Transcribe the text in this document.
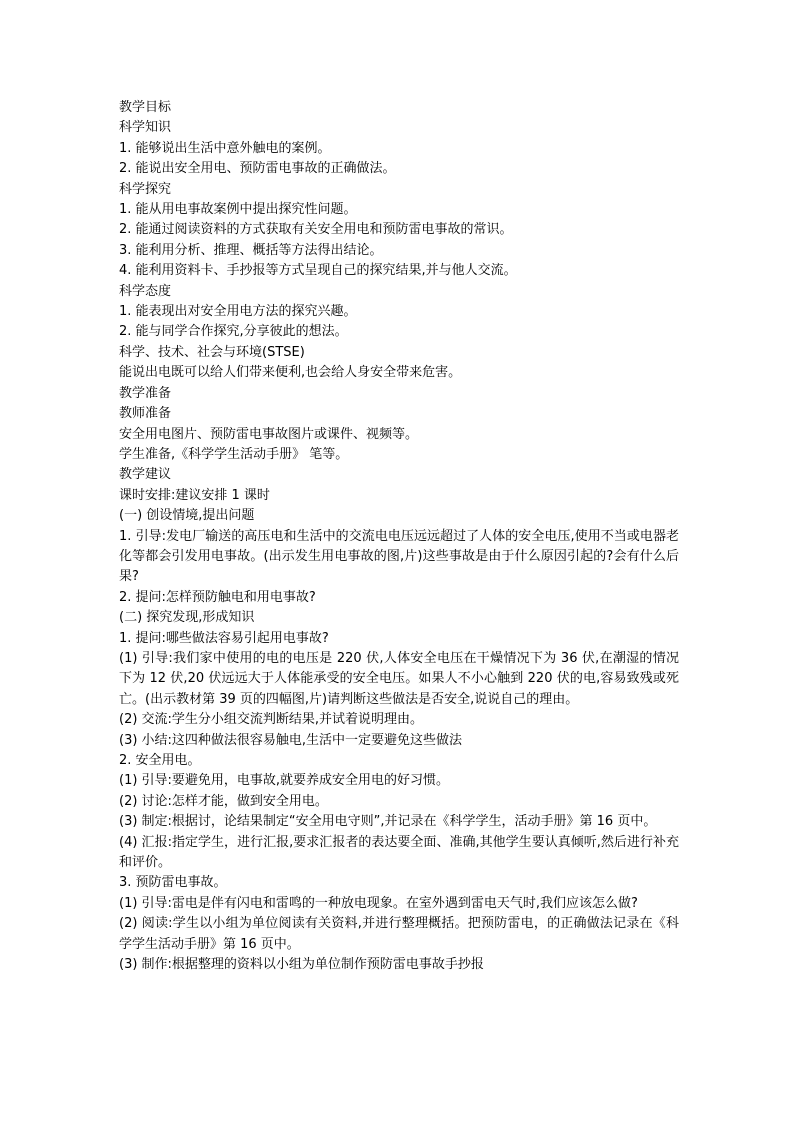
教学目标

科学知识

1. 能够说出生活中意外触电的案例。

2. 能说出安全用电、预防雷电事故的正确做法。

科学探究

1. 能从用电事故案例中提出探究性问题。

2. 能通过阅读资料的方式获取有关安全用电和预防雷电事故的常识。

3. 能利用分析、推理、概括等方法得出结论。

4. 能利用资料卡、手抄报等方式呈现自己的探究结果,并与他人交流。

科学态度

1. 能表现出对安全用电方法的探究兴趣。

2. 能与同学合作探究,分享彼此的想法。

科学、技术、社会与环境(STSE)

能说出电既可以给人们带来便利,也会给人身安全带来危害。

教学准备

教师准备

安全用电图片、预防雷电事故图片或课件、视频等。

学生准备,《科学学生活动手册》 笔等。

教学建议

课时安排:建议安排 1 课时

(一) 创设情境,提出问题

1. 引导:发电厂输送的高压电和生活中的交流电电压远远超过了人体的安全电压,使用不当或电器老化等都会引发用电事故。(出示发生用电事故的图,片)这些事故是由于什么原因引起的?会有什么后果?

2. 提问:怎样预防触电和用电事故?

(二) 探究发现,形成知识

1. 提问:哪些做法容易引起用电事故?

(1) 引导:我们家中使用的电的电压是 220 伏,人体安全电压在干燥情况下为 36 伏,在潮湿的情况下为 12 伏,20 伏远远大于人体能承受的安全电压。如果人不小心触到 220 伏的电,容易致残或死亡。(出示教材第 39 页的四幅图,片)请判断这些做法是否安全,说说自己的理由。

(2) 交流:学生分小组交流判断结果,并试着说明理由。

(3) 小结:这四种做法很容易触电,生活中一定要避免这些做法

2. 安全用电。

(1) 引导:要避免用，电事故,就要养成安全用电的好习惯。

(2) 讨论:怎样才能，做到安全用电。

(3) 制定:根据讨，论结果制定“安全用电守则”,并记录在《科学学生，活动手册》第 16 页中。

(4) 汇报:指定学生，进行汇报,要求汇报者的表达要全面、准确,其他学生要认真倾听,然后进行补充和评价。

3. 预防雷电事故。

(1) 引导:雷电是伴有闪电和雷鸣的一种放电现象。在室外遇到雷电天气时,我们应该怎么做?

(2) 阅读:学生以小组为单位阅读有关资料,并进行整理概括。把预防雷电，的正确做法记录在《科学学生活动手册》第 16 页中。

(3) 制作:根据整理的资料以小组为单位制作预防雷电事故手抄报
